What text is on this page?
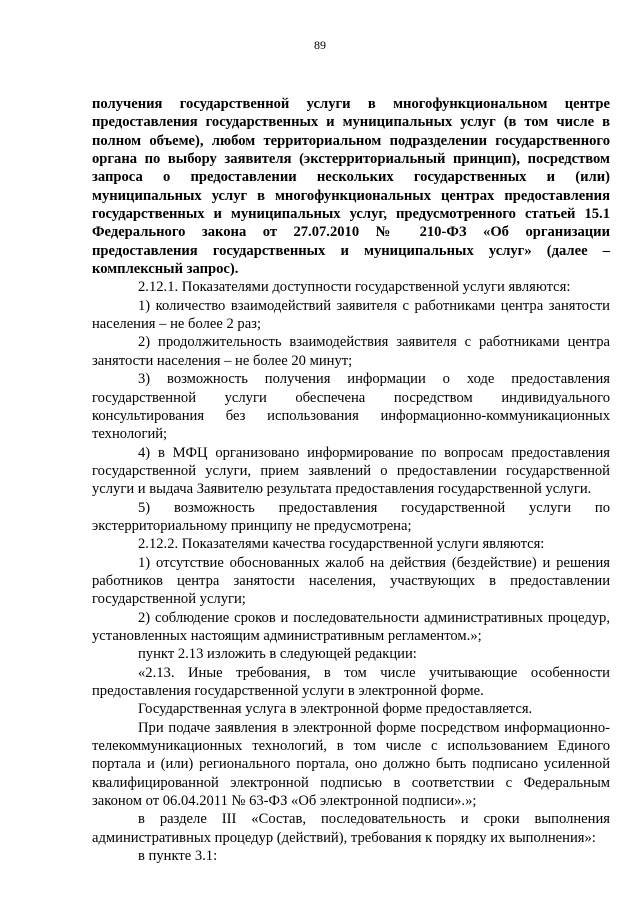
89

получения государственной услуги в многофункциональном центре предоставления государственных и муниципальных услуг (в том числе в полном объеме), любом территориальном подразделении государственного органа по выбору заявителя (экстерриториальный принцип), посредством запроса о предоставлении нескольких государственных и (или) муниципальных услуг в многофункциональных центрах предоставления государственных и муниципальных услуг, предусмотренного статьей 15.1 Федерального закона от 27.07.2010 № 210-ФЗ «Об организации предоставления государственных и муниципальных услуг» (далее – комплексный запрос).

2.12.1. Показателями доступности государственной услуги являются:

1) количество взаимодействий заявителя с работниками центра занятости населения – не более 2 раз;

2) продолжительность взаимодействия заявителя с работниками центра занятости населения – не более 20 минут;

3) возможность получения информации о ходе предоставления государственной услуги обеспечена посредством индивидуального консультирования без использования информационно-коммуникационных технологий;

4) в МФЦ организовано информирование по вопросам предоставления государственной услуги, прием заявлений о предоставлении государственной услуги и выдача Заявителю результата предоставления государственной услуги.

5) возможность предоставления государственной услуги по экстерриториальному принципу не предусмотрена;

2.12.2. Показателями качества государственной услуги являются:

1) отсутствие обоснованных жалоб на действия (бездействие) и решения работников центра занятости населения, участвующих в предоставлении государственной услуги;

2) соблюдение сроков и последовательности административных процедур, установленных настоящим административным регламентом.»;

пункт 2.13 изложить в следующей редакции:

«2.13. Иные требования, в том числе учитывающие особенности предоставления государственной услуги в электронной форме.

Государственная услуга в электронной форме предоставляется.

При подаче заявления в электронной форме посредством информационно-телекоммуникационных технологий, в том числе с использованием Единого портала и (или) регионального портала, оно должно быть подписано усиленной квалифицированной электронной подписью в соответствии с Федеральным законом от 06.04.2011 № 63-ФЗ «Об электронной подписи».»;

в разделе III «Состав, последовательность и сроки выполнения административных процедур (действий), требования к порядку их выполнения»:

в пункте 3.1:
